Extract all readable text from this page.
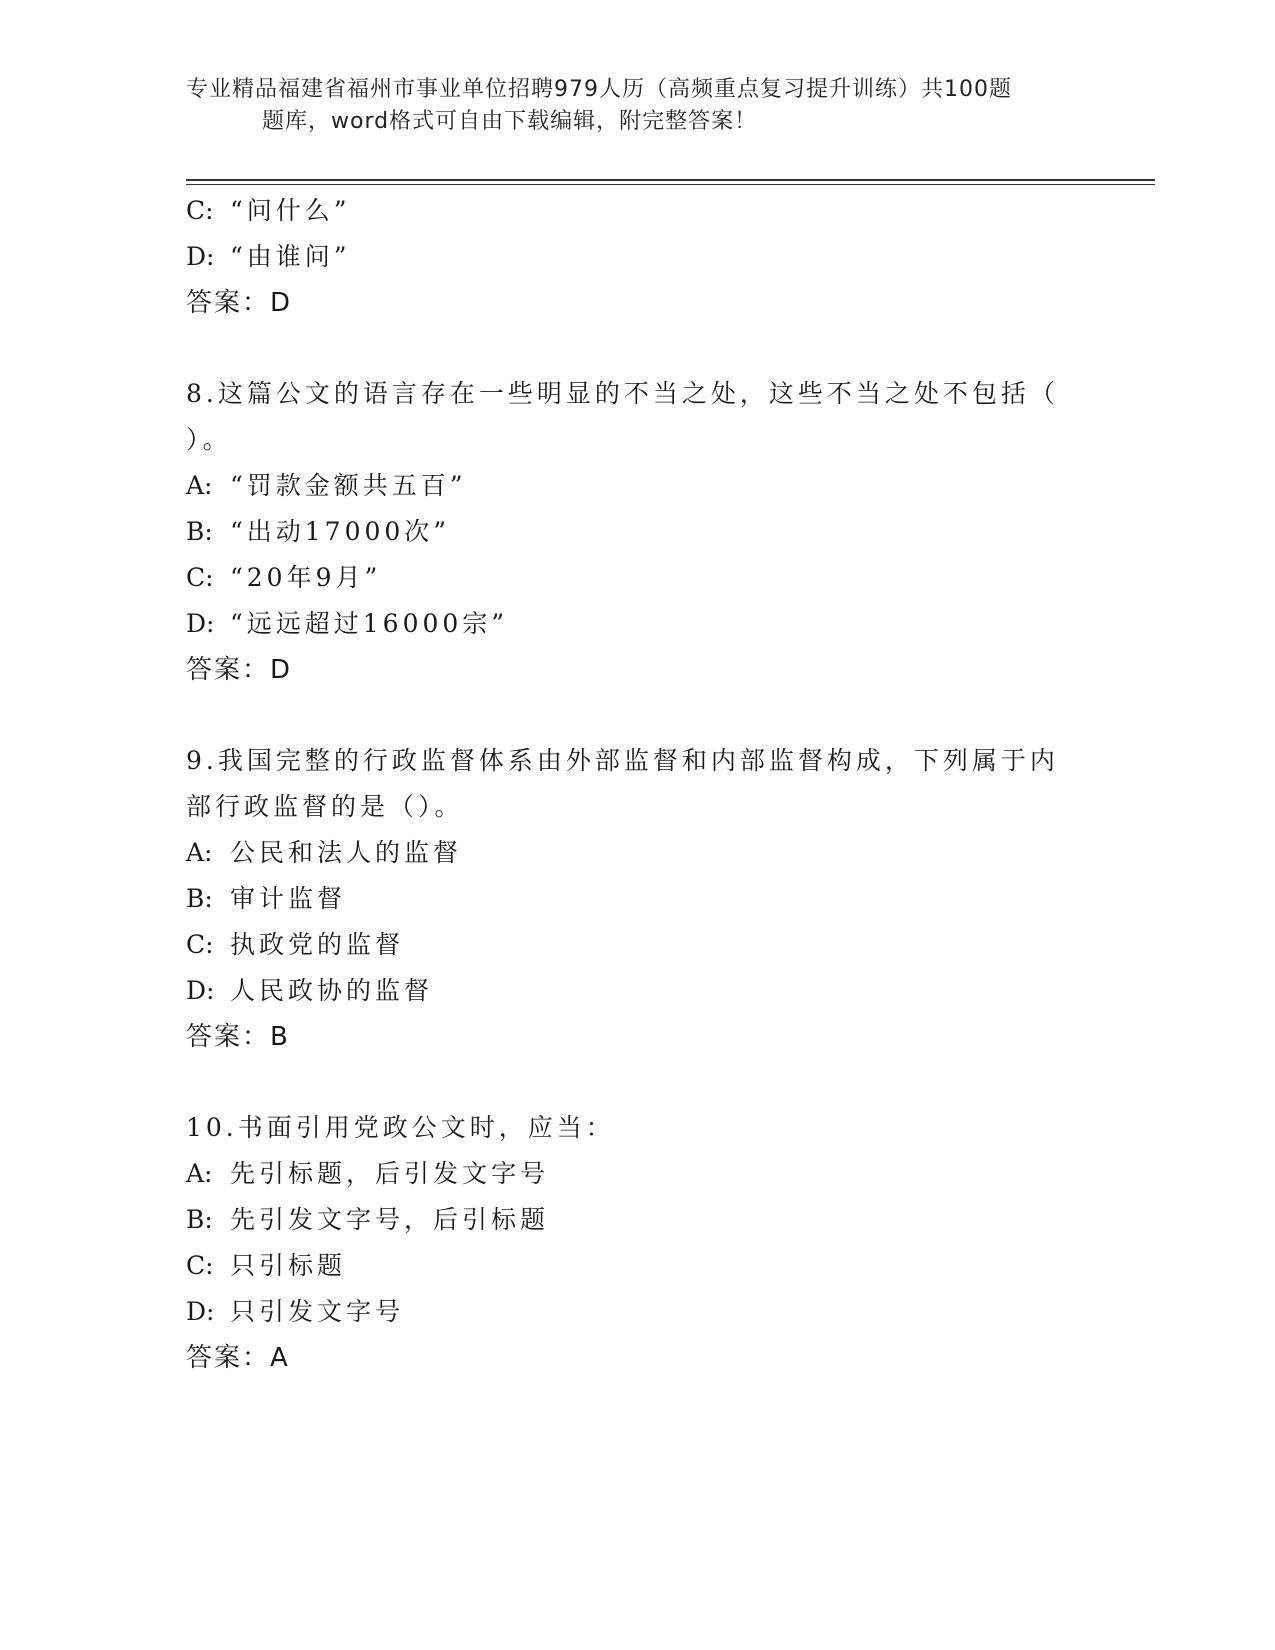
专业精品福建省福州市事业单位招聘979人历（高频重点复习提升训练）共100题
题库，word格式可自由下载编辑，附完整答案！
C: “问什么”
D: “由谁问”
答案：D
8.这篇公文的语言存在一些明显的不当之处，这些不当之处不包括（
）。
A: “罚款金额共五百”
B: “出动17000次”
C: “20年9月”
D: “远远超过16000宗”
答案：D
9.我国完整的行政监督体系由外部监督和内部监督构成，下列属于内
部行政监督的是（）。
A: 公民和法人的监督
B: 审计监督
C: 执政党的监督
D: 人民政协的监督
答案：B
10.书面引用党政公文时，应当：
A: 先引标题，后引发文字号
B: 先引发文字号，后引标题
C: 只引标题
D: 只引发文字号
答案：A
